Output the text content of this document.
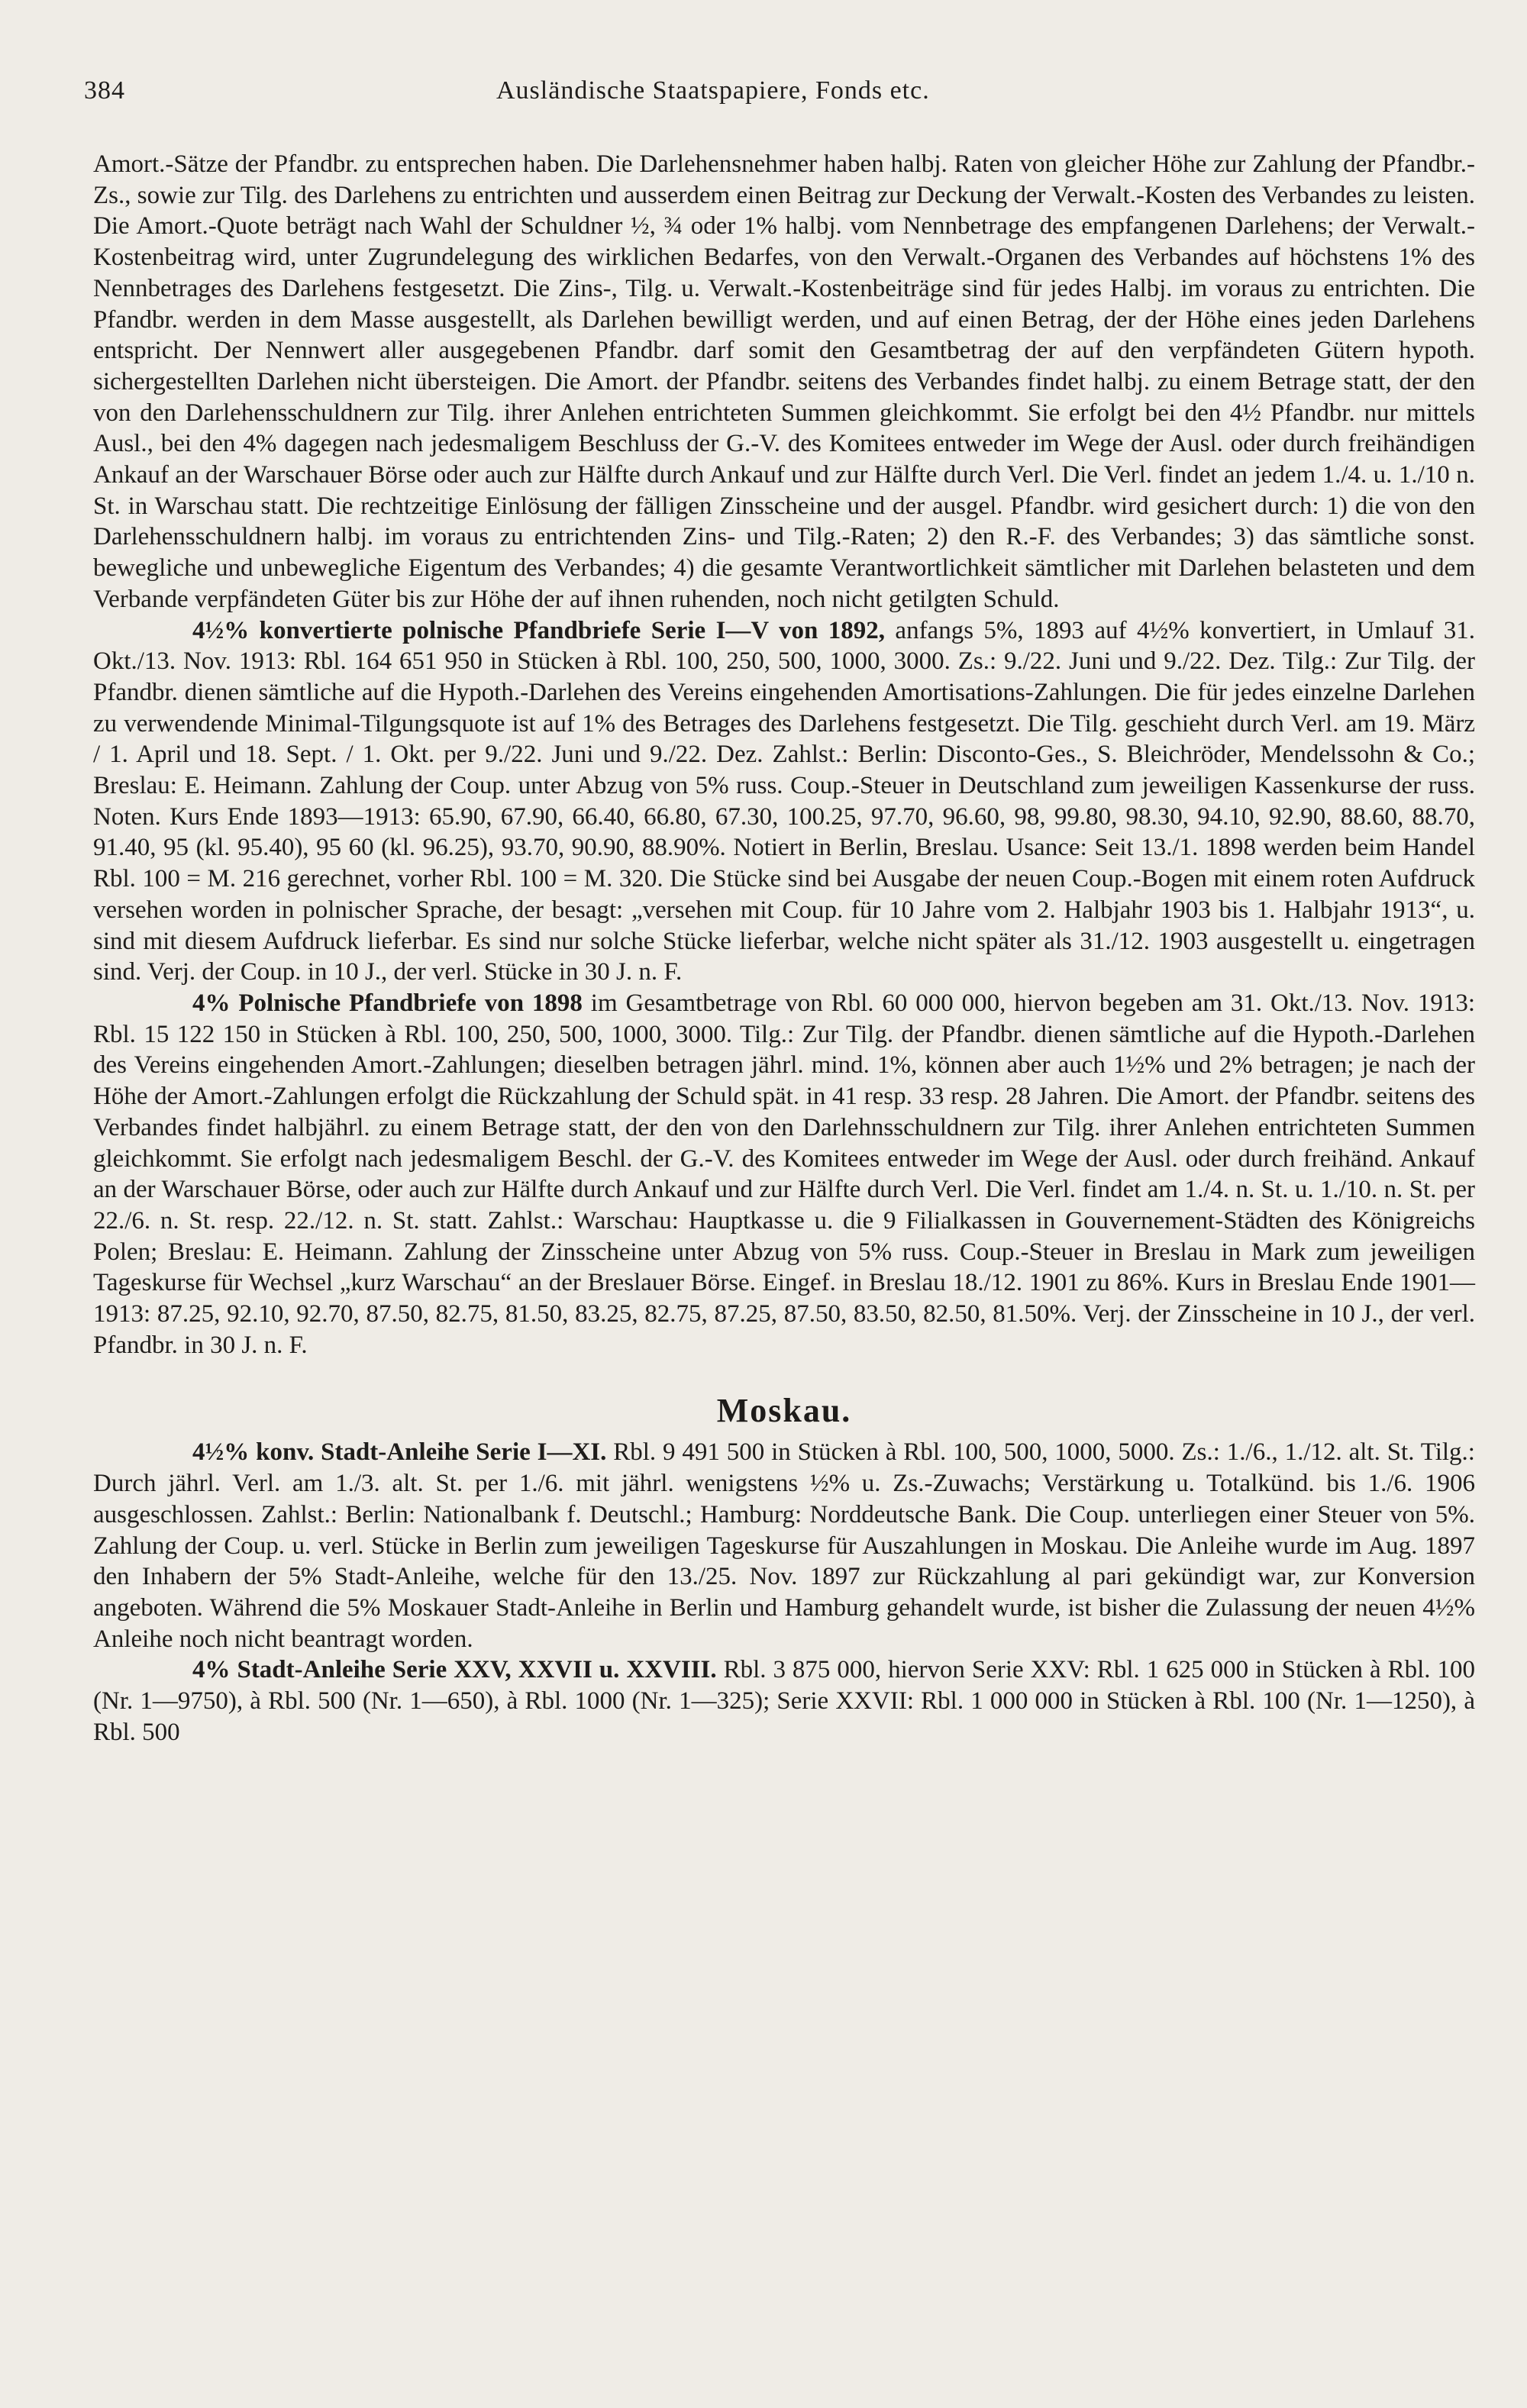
384	Ausländische Staatspapiere, Fonds etc.

Amort.-Sätze der Pfandbr. zu entsprechen haben. Die Darlehensnehmer haben halbj. Raten von gleicher Höhe zur Zahlung der Pfandbr.-Zs., sowie zur Tilg. des Darlehens zu entrichten und ausserdem einen Beitrag zur Deckung der Verwalt.-Kosten des Verbandes zu leisten. Die Amort.-Quote beträgt nach Wahl der Schuldner ½, ¾ oder 1% halbj. vom Nennbetrage des empfangenen Darlehens; der Verwalt.-Kostenbeitrag wird, unter Zugrundelegung des wirklichen Bedarfes, von den Verwalt.-Organen des Verbandes auf höchstens 1% des Nennbetrages des Darlehens festgesetzt. Die Zins-, Tilg. u. Verwalt.-Kostenbeiträge sind für jedes Halbj. im voraus zu entrichten. Die Pfandbr. werden in dem Masse ausgestellt, als Darlehen bewilligt werden, und auf einen Betrag, der der Höhe eines jeden Darlehens entspricht. Der Nennwert aller ausgegebenen Pfandbr. darf somit den Gesamtbetrag der auf den verpfändeten Gütern hypoth. sichergestellten Darlehen nicht übersteigen. Die Amort. der Pfandbr. seitens des Verbandes findet halbj. zu einem Betrage statt, der den von den Darlehensschuldnern zur Tilg. ihrer Anlehen entrichteten Summen gleichkommt. Sie erfolgt bei den 4½ Pfandbr. nur mittels Ausl., bei den 4% dagegen nach jedesmaligem Beschluss der G.-V. des Komitees entweder im Wege der Ausl. oder durch freihändigen Ankauf an der Warschauer Börse oder auch zur Hälfte durch Ankauf und zur Hälfte durch Verl. Die Verl. findet an jedem 1./4. u. 1./10 n. St. in Warschau statt. Die rechtzeitige Einlösung der fälligen Zinsscheine und der ausgel. Pfandbr. wird gesichert durch: 1) die von den Darlehensschuldnern halbj. im voraus zu entrichtenden Zins- und Tilg.-Raten; 2) den R.-F. des Verbandes; 3) das sämtliche sonst. bewegliche und unbewegliche Eigentum des Verbandes; 4) die gesamte Verantwortlichkeit sämtlicher mit Darlehen belasteten und dem Verbande verpfändeten Güter bis zur Höhe der auf ihnen ruhenden, noch nicht getilgten Schuld.

4½% konvertierte polnische Pfandbriefe Serie I—V von 1892, anfangs 5%, 1893 auf 4½% konvertiert, in Umlauf 31. Okt./13. Nov. 1913: Rbl. 164 651 950 in Stücken à Rbl. 100, 250, 500, 1000, 3000. Zs.: 9./22. Juni und 9./22. Dez. Tilg.: Zur Tilg. der Pfandbr. dienen sämtliche auf die Hypoth.-Darlehen des Vereins eingehenden Amortisations-Zahlungen. Die für jedes einzelne Darlehen zu verwendende Minimal-Tilgungsquote ist auf 1% des Betrages des Darlehens festgesetzt. Die Tilg. geschieht durch Verl. am 19. März / 1. April und 18. Sept. / 1. Okt. per 9./22. Juni und 9./22. Dez. Zahlst.: Berlin: Disconto-Ges., S. Bleichröder, Mendelssohn & Co.; Breslau: E. Heimann. Zahlung der Coup. unter Abzug von 5% russ. Coup.-Steuer in Deutschland zum jeweiligen Kassenkurse der russ. Noten. Kurs Ende 1893—1913: 65.90, 67.90, 66.40, 66.80, 67.30, 100.25, 97.70, 96.60, 98, 99.80, 98.30, 94.10, 92.90, 88.60, 88.70, 91.40, 95 (kl. 95.40), 95 60 (kl. 96.25), 93.70, 90.90, 88.90%. Notiert in Berlin, Breslau. Usance: Seit 13./1. 1898 werden beim Handel Rbl. 100 = M. 216 gerechnet, vorher Rbl. 100 = M. 320. Die Stücke sind bei Ausgabe der neuen Coup.-Bogen mit einem roten Aufdruck versehen worden in polnischer Sprache, der besagt: „versehen mit Coup. für 10 Jahre vom 2. Halbjahr 1903 bis 1. Halbjahr 1913“, u. sind mit diesem Aufdruck lieferbar. Es sind nur solche Stücke lieferbar, welche nicht später als 31./12. 1903 ausgestellt u. eingetragen sind. Verj. der Coup. in 10 J., der verl. Stücke in 30 J. n. F.

4% Polnische Pfandbriefe von 1898 im Gesamtbetrage von Rbl. 60 000 000, hiervon begeben am 31. Okt./13. Nov. 1913: Rbl. 15 122 150 in Stücken à Rbl. 100, 250, 500, 1000, 3000. Tilg.: Zur Tilg. der Pfandbr. dienen sämtliche auf die Hypoth.-Darlehen des Vereins eingehenden Amort.-Zahlungen; dieselben betragen jährl. mind. 1%, können aber auch 1½% und 2% betragen; je nach der Höhe der Amort.-Zahlungen erfolgt die Rückzahlung der Schuld spät. in 41 resp. 33 resp. 28 Jahren. Die Amort. der Pfandbr. seitens des Verbandes findet halbjährl. zu einem Betrage statt, der den von den Darlehnsschuldnern zur Tilg. ihrer Anlehen entrichteten Summen gleichkommt. Sie erfolgt nach jedesmaligem Beschl. der G.-V. des Komitees entweder im Wege der Ausl. oder durch freihänd. Ankauf an der Warschauer Börse, oder auch zur Hälfte durch Ankauf und zur Hälfte durch Verl. Die Verl. findet am 1./4. n. St. u. 1./10. n. St. per 22./6. n. St. resp. 22./12. n. St. statt. Zahlst.: Warschau: Hauptkasse u. die 9 Filialkassen in Gouvernement-Städten des Königreichs Polen; Breslau: E. Heimann. Zahlung der Zinsscheine unter Abzug von 5% russ. Coup.-Steuer in Breslau in Mark zum jeweiligen Tageskurse für Wechsel „kurz Warschau“ an der Breslauer Börse. Eingef. in Breslau 18./12. 1901 zu 86%. Kurs in Breslau Ende 1901—1913: 87.25, 92.10, 92.70, 87.50, 82.75, 81.50, 83.25, 82.75, 87.25, 87.50, 83.50, 82.50, 81.50%. Verj. der Zinsscheine in 10 J., der verl. Pfandbr. in 30 J. n. F.

Moskau.

4½% konv. Stadt-Anleihe Serie I—XI. Rbl. 9 491 500 in Stücken à Rbl. 100, 500, 1000, 5000. Zs.: 1./6., 1./12. alt. St. Tilg.: Durch jährl. Verl. am 1./3. alt. St. per 1./6. mit jährl. wenigstens ½% u. Zs.-Zuwachs; Verstärkung u. Totalkünd. bis 1./6. 1906 ausgeschlossen. Zahlst.: Berlin: Nationalbank f. Deutschl.; Hamburg: Norddeutsche Bank. Die Coup. unterliegen einer Steuer von 5%. Zahlung der Coup. u. verl. Stücke in Berlin zum jeweiligen Tageskurse für Auszahlungen in Moskau. Die Anleihe wurde im Aug. 1897 den Inhabern der 5% Stadt-Anleihe, welche für den 13./25. Nov. 1897 zur Rückzahlung al pari gekündigt war, zur Konversion angeboten. Während die 5% Moskauer Stadt-Anleihe in Berlin und Hamburg gehandelt wurde, ist bisher die Zulassung der neuen 4½% Anleihe noch nicht beantragt worden.

4% Stadt-Anleihe Serie XXV, XXVII u. XXVIII. Rbl. 3 875 000, hiervon Serie XXV: Rbl. 1 625 000 in Stücken à Rbl. 100 (Nr. 1—9750), à Rbl. 500 (Nr. 1—650), à Rbl. 1000 (Nr. 1—325); Serie XXVII: Rbl. 1 000 000 in Stücken à Rbl. 100 (Nr. 1—1250), à Rbl. 500
